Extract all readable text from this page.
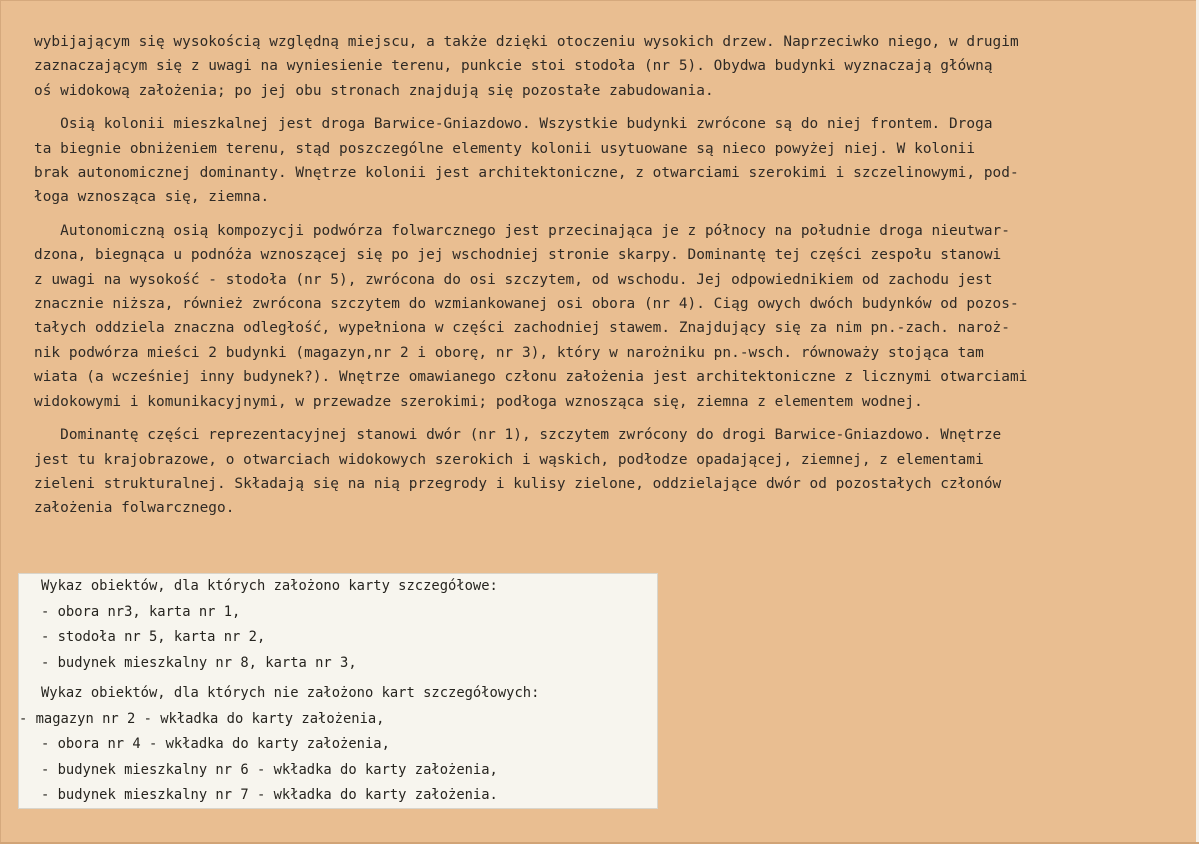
wybijającym się wysokością względną miejscu, a także dzięki otoczeniu wysokich drzew. Naprzeciwko niego, w drugim
zaznaczającym się z uwagi na wyniesienie terenu, punkcie stoi stodoła (nr 5). Obydwa budynki wyznaczają główną
oś widokową założenia; po jej obu stronach znajdują się pozostałe zabudowania.

Osią kolonii mieszkalnej jest droga Barwice-Gniazdowo. Wszystkie budynki zwrócone są do niej frontem. Droga
ta biegnie obniżeniem terenu, stąd poszczególne elementy kolonii usytuowane są nieco powyżej niej. W kolonii
brak autonomicznej dominanty. Wnętrze kolonii jest architektoniczne, z otwarciami szerokimi i szczelinowymi, pod-
łoga wznosząca się, ziemna.

Autonomiczną osią kompozycji podwórza folwarcznego jest przecinająca je z północy na południe droga nieutwar-
dzona, biegnąca u podnóża wznoszącej się po jej wschodniej stronie skarpy. Dominantę tej części zespołu stanowi
z uwagi na wysokość - stodoła (nr 5), zwrócona do osi szczytem, od wschodu. Jej odpowiednikiem od zachodu jest
znacznie niższa, również zwrócona szczytem do wzmiankowanej osi obora (nr 4). Ciąg owych dwóch budynków od pozos-
tałych oddziela znaczna odległość, wypełniona w części zachodniej stawem. Znajdujący się za nim pn.-zach. naroż-
nik podwórza mieści 2 budynki (magazyn,nr 2 i oborę, nr 3), który w narożniku pn.-wsch. równoważy stojąca tam
wiata (a wcześniej inny budynek?). Wnętrze omawianego członu założenia jest architektoniczne z licznymi otwarciami
widokowymi i komunikacyjnymi, w przewadze szerokimi; podłoga wznosząca się, ziemna z elementem wodnej.

Dominantę części reprezentacyjnej stanowi dwór (nr 1), szczytem zwrócony do drogi Barwice-Gniazdowo. Wnętrze
jest tu krajobrazowe, o otwarciach widokowych szerokich i wąskich, podłodze opadającej, ziemnej, z elementami
zieleni strukturalnej. Składają się na nią przegrody i kulisy zielone, oddzielające dwór od pozostałych członów
założenia folwarcznego.

Wykaz obiektów, dla których założono karty szczegółowe:
- obora nr3, karta nr 1,
- stodoła nr 5, karta nr 2,
- budynek mieszkalny nr 8, karta nr 3,
Wykaz obiektów, dla których nie założono kart szczegółowych:
- magazyn nr 2 - wkładka do karty założenia,
- obora nr 4 - wkładka do karty założenia,
- budynek mieszkalny nr 6 - wkładka do karty założenia,
- budynek mieszkalny nr 7 - wkładka do karty założenia.
